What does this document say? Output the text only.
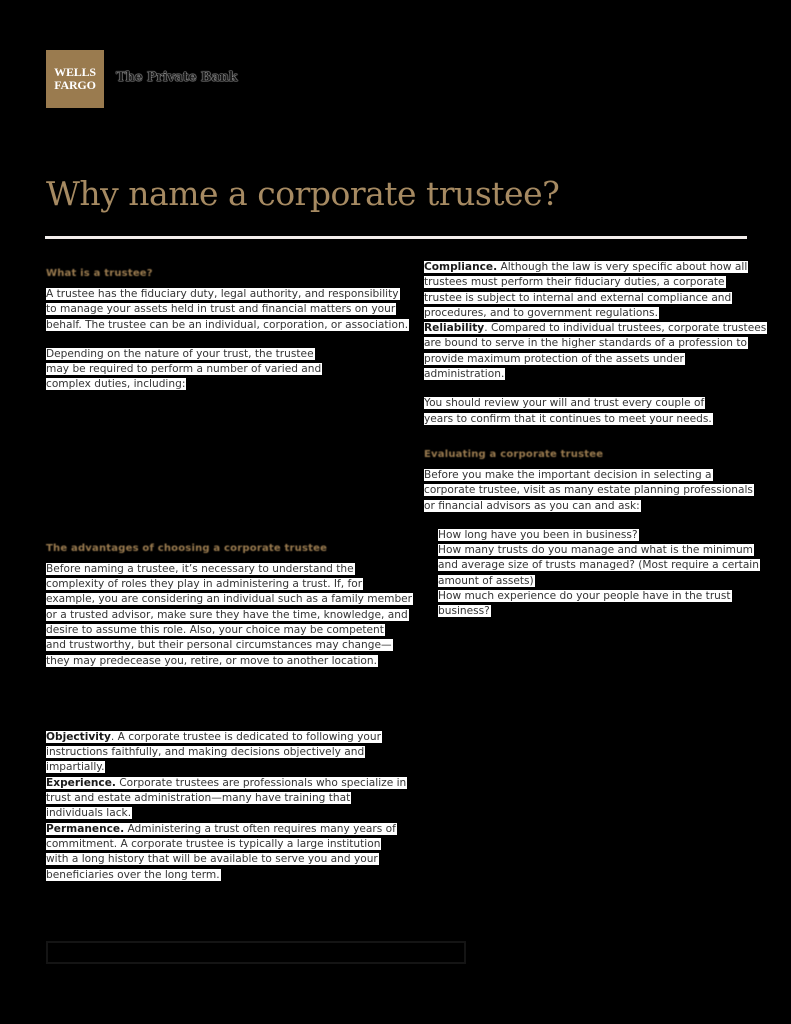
WELLS
FARGO The Private Bank
Why name a corporate trustee?
What is a trustee?
A trustee has the fiduciary duty, legal authority, and responsibility
to manage your assets held in trust and financial matters on your
behalf. The trustee can be an individual, corporation, or association.
Depending on the nature of your trust, the trustee
may be required to perform a number of varied and
complex duties, including:
The advantages of choosing a corporate trustee
Before naming a trustee, it’s necessary to understand the
complexity of roles they play in administering a trust. If, for
example, you are considering an individual such as a family member
or a trusted advisor, make sure they have the time, knowledge, and
desire to assume this role. Also, your choice may be competent
and trustworthy, but their personal circumstances may change—
they may predecease you, retire, or move to another location.
Objectivity. A corporate trustee is dedicated to following your
instructions faithfully, and making decisions objectively and
impartially.
Experience. Corporate trustees are professionals who specialize in
trust and estate administration—many have training that
individuals lack.
Permanence. Administering a trust often requires many years of
commitment. A corporate trustee is typically a large institution
with a long history that will be available to serve you and your
beneficiaries over the long term.
Compliance. Although the law is very specific about how all
trustees must perform their fiduciary duties, a corporate
trustee is subject to internal and external compliance and
procedures, and to government regulations.
Reliability. Compared to individual trustees, corporate trustees
are bound to serve in the higher standards of a profession to
provide maximum protection of the assets under
administration.
You should review your will and trust every couple of
years to confirm that it continues to meet your needs.
Evaluating a corporate trustee
Before you make the important decision in selecting a
corporate trustee, visit as many estate planning professionals
or financial advisors as you can and ask:
How long have you been in business?
How many trusts do you manage and what is the minimum
and average size of trusts managed? (Most require a certain
amount of assets)
How much experience do your people have in the trust
business?
